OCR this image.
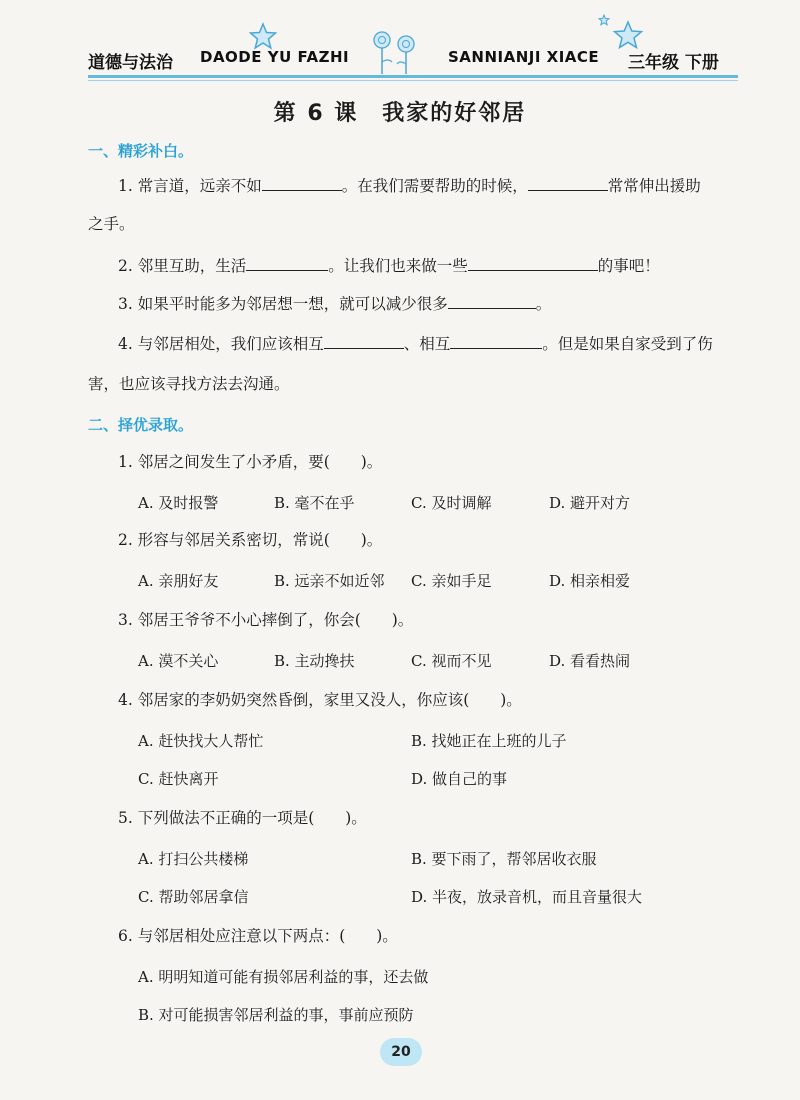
道德与法治 DAODE YU FAZHI	SANNIANJI XIACE 三年级 下册
第 6 课　我家的好邻居
一、精彩补白。
1. 常言道，远亲不如	。在我们需要帮助的时候，	常常伸出援助
之手。
2. 邻里互助，生活	。让我们也来做一些	的事吧！
3. 如果平时能多为邻居想一想，就可以减少很多	。
4. 与邻居相处，我们应该相互	、相互	。但是如果自家受到了伤
害，也应该寻找方法去沟通。
二、择优录取。
1. 邻居之间发生了小矛盾，要(　　)。
A. 及时报警	B. 毫不在乎	C. 及时调解	D. 避开对方
2. 形容与邻居关系密切，常说(　　)。
A. 亲朋好友	B. 远亲不如近邻 C. 亲如手足	D. 相亲相爱
3. 邻居王爷爷不小心摔倒了，你会(　　)。
A. 漠不关心	B. 主动搀扶	C. 视而不见	D. 看看热闹
4. 邻居家的李奶奶突然昏倒，家里又没人，你应该(　　)。
A. 赶快找大人帮忙	B. 找她正在上班的儿子
C. 赶快离开	D. 做自己的事
5. 下列做法不正确的一项是(　　)。
A. 打扫公共楼梯	B. 要下雨了，帮邻居收衣服
C. 帮助邻居拿信	D. 半夜，放录音机，而且音量很大
6. 与邻居相处应注意以下两点：(　　)。
A. 明明知道可能有损邻居利益的事，还去做
B. 对可能损害邻居利益的事，事前应预防
20
